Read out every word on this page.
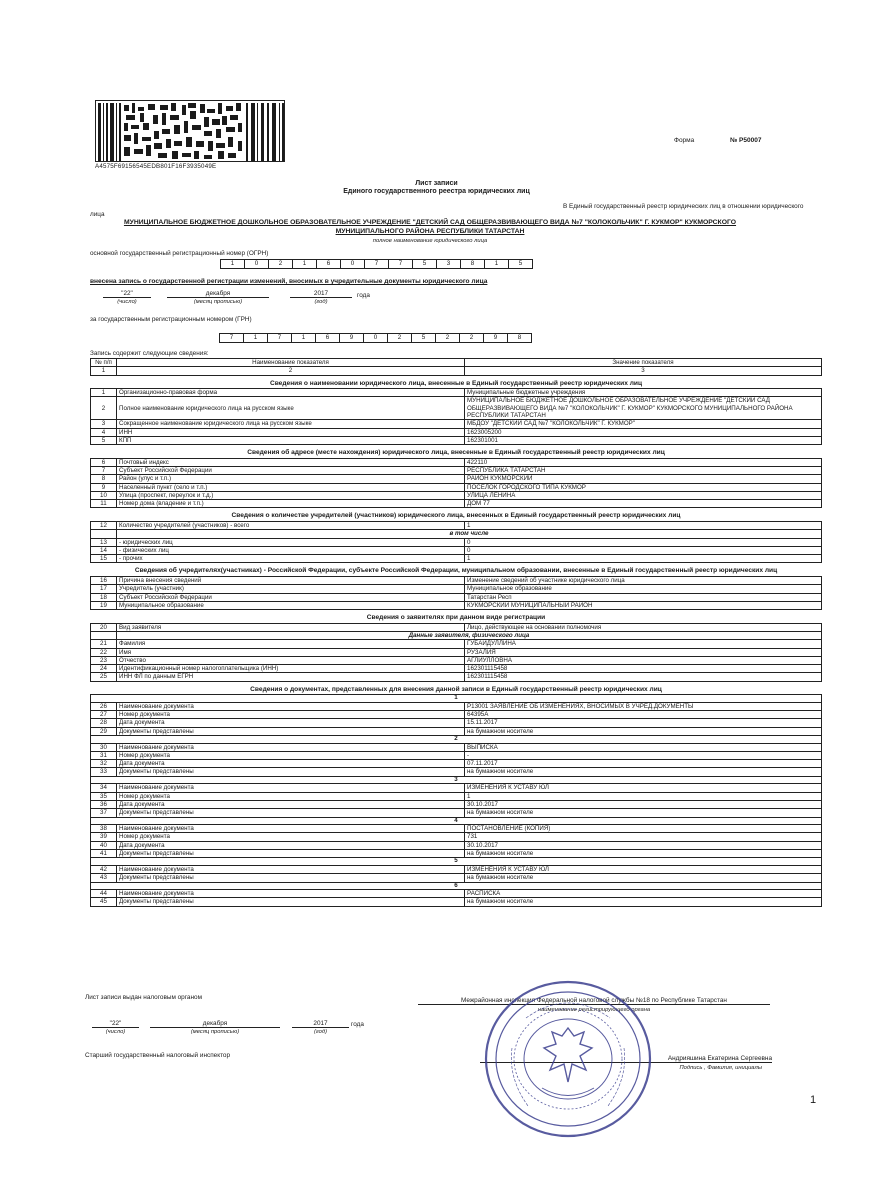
A4575F69156545EDB801F16F3935049E
Форма	№ Р50007
Лист записи
Единого государственного реестра юридических лиц
В Единый государственный реестр юридических лиц в отношении юридического
лица
МУНИЦИПАЛЬНОЕ БЮДЖЕТНОЕ ДОШКОЛЬНОЕ ОБРАЗОВАТЕЛЬНОЕ УЧРЕЖДЕНИЕ "ДЕТСКИЙ САД ОБЩЕРАЗВИВАЮЩЕГО ВИДА №7 "КОЛОКОЛЬЧИК" Г. КУКМОР" КУКМОРСКОГО
МУНИЦИПАЛЬНОГО РАЙОНА РЕСПУБЛИКИ ТАТАРСТАН
полное наименование юридического лица
основной государственный регистрационный номер (ОГРН)
1	0	2	1	6	0	7	7	5	3	8	1	5
внесена запись о государственной регистрации изменений, вносимых в учредительные документы юридического лица
"22"	декабря	2017	года
(число)	(месяц прописью)	(год)
за государственным регистрационным номером (ГРН)
7	1	7	1	6	9	0	2	5	2	2	9	8
Запись содержит следующие сведения:
№ п/п	Наименование показателя	Значение показателя
1	2	3
Сведения о наименовании юридического лица, внесенные в Единый государственный реестр юридических лиц		
1	Организационно-правовая форма	Муниципальные бюджетные учреждения
2	Полное наименование юридического лица на русском языке	МУНИЦИПАЛЬНОЕ БЮДЖЕТНОЕ ДОШКОЛЬНОЕ ОБРАЗОВАТЕЛЬНОЕ УЧРЕЖДЕНИЕ "ДЕТСКИЙ САД ОБЩЕРАЗВИВАЮЩЕГО ВИДА №7 "КОЛОКОЛЬЧИК" Г. КУКМОР" КУКМОРСКОГО МУНИЦИПАЛЬНОГО РАЙОНА РЕСПУБЛИКИ ТАТАРСТАН
3	Сокращенное наименование юридического лица на русском языке	МБДОУ "ДЕТСКИЙ САД №7 "КОЛОКОЛЬЧИК" Г. КУКМОР"
4	ИНН	1623005200
5	КПП	162301001
Сведения об адресе (месте нахождения) юридического лица, внесенные в Единый государственный реестр юридических лиц		
6	Почтовый индекс	422110
7	Субъект Российской Федерации	РЕСПУБЛИКА ТАТАРСТАН
8	Район (улус и т.п.)	РАЙОН КУКМОРСКИЙ
9	Населенный пункт (село и т.п.)	ПОСЕЛОК ГОРОДСКОГО ТИПА КУКМОР
10	Улица (проспект, переулок и т.д.)	УЛИЦА ЛЕНИНА
11	Номер дома (владение и т.п.)	ДОМ 77
Сведения о количестве учредителей (участников) юридического лица, внесенных в Единый государственный реестр юридических лиц		
12	Количество учредителей (участников) - всего	1
	в том числе	
13	- юридических лиц	0
14	- физических лиц	0
15	- прочих	1
Сведения об учредителях(участниках) - Российской Федерации, субъекте Российской Федерации, муниципальном образовании, внесенные в Единый государственный реестр юридических лиц		
16	Причина внесения сведений	Изменение сведений об участнике юридического лица
17	Учредитель (участник)	Муниципальное образование
18	Субъект Российской Федерации	Татарстан Респ
19	Муниципальное образование	КУКМОРСКИЙ МУНИЦИПАЛЬНЫЙ РАЙОН
Сведения о заявителях при данном виде регистрации		
20	Вид заявителя	Лицо, действующее на основании полномочия
	Данные заявителя, физического лица	
21	Фамилия	ГУБАЙДУЛЛИНА
22	Имя	РУЗАЛИЯ
23	Отчество	АГЛИУЛЛОВНА
24	Идентификационный номер налогоплательщика (ИНН)	162301115458
25	ИНН ФЛ по данным ЕГРН	162301115458
Сведения о документах, представленных для внесения данной записи в Единый государственный реестр юридических лиц		
1		
26	Наименование документа	Р13001 ЗАЯВЛЕНИЕ ОБ ИЗМЕНЕНИЯХ, ВНОСИМЫХ В УЧРЕД.ДОКУМЕНТЫ
27	Номер документа	64395А
28	Дата документа	15.11.2017
29	Документы представлены	на бумажном носителе
2		
30	Наименование документа	ВЫПИСКА
31	Номер документа	-
32	Дата документа	07.11.2017
33	Документы представлены	на бумажном носителе
3		
34	Наименование документа	ИЗМЕНЕНИЯ К УСТАВУ ЮЛ
35	Номер документа	1
36	Дата документа	30.10.2017
37	Документы представлены	на бумажном носителе
4		
38	Наименование документа	ПОСТАНОВЛЕНИЕ (КОПИЯ)
39	Номер документа	731
40	Дата документа	30.10.2017
41	Документы представлены	на бумажном носителе
5		
42	Наименование документа	ИЗМЕНЕНИЯ К УСТАВУ ЮЛ
43	Документы представлены	на бумажном носителе
6		
44	Наименование документа	РАСПИСКА
45	Документы представлены	на бумажном носителе
Лист записи выдан налоговым органом	Межрайонная инспекция Федеральной налоговой службы №18 по Республике Татарстан
наименование регистрирующего органа
"22"	декабря	2017	года
(число)	(месяц прописью)	(год)
Старший государственный налоговый инспектор	Андрияшина Екатерина Сергеевна
Подпись , Фамилия, инициалы
1
